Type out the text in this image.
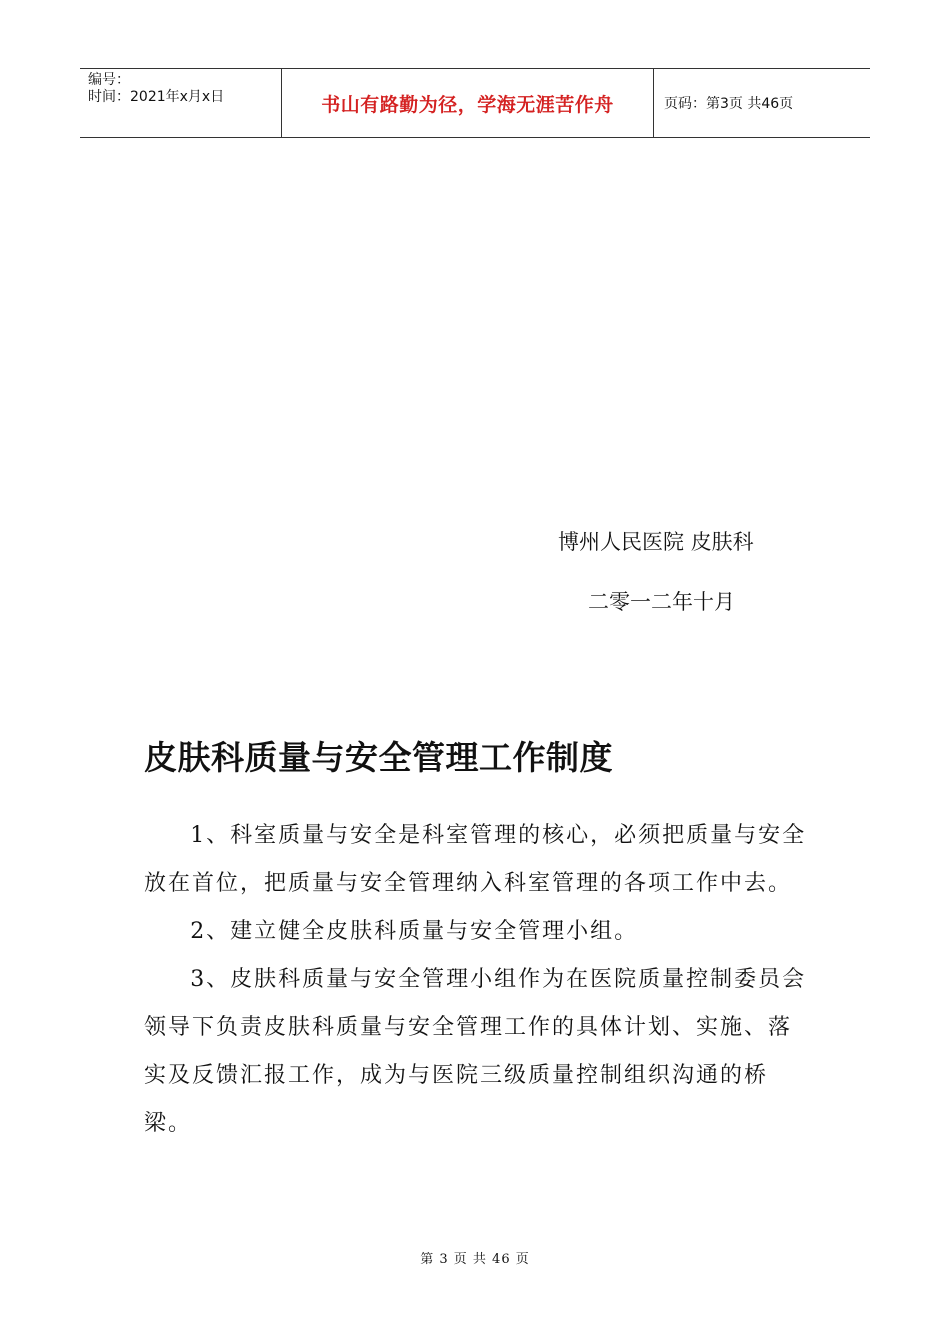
编号：
时间：2021年x月x日	书山有路勤为径，学海无涯苦作舟	页码：第3页 共46页
博州人民医院 皮肤科
二零一二年十月
皮肤科质量与安全管理工作制度

1、科室质量与安全是科室管理的核心，必须把质量与安全放在首位，把质量与安全管理纳入科室管理的各项工作中去。

2、建立健全皮肤科质量与安全管理小组。

3、皮肤科质量与安全管理小组作为在医院质量控制委员会领导下负责皮肤科质量与安全管理工作的具体计划、实施、落实及反馈汇报工作，成为与医院三级质量控制组织沟通的桥梁。

第 3 页 共 46 页
